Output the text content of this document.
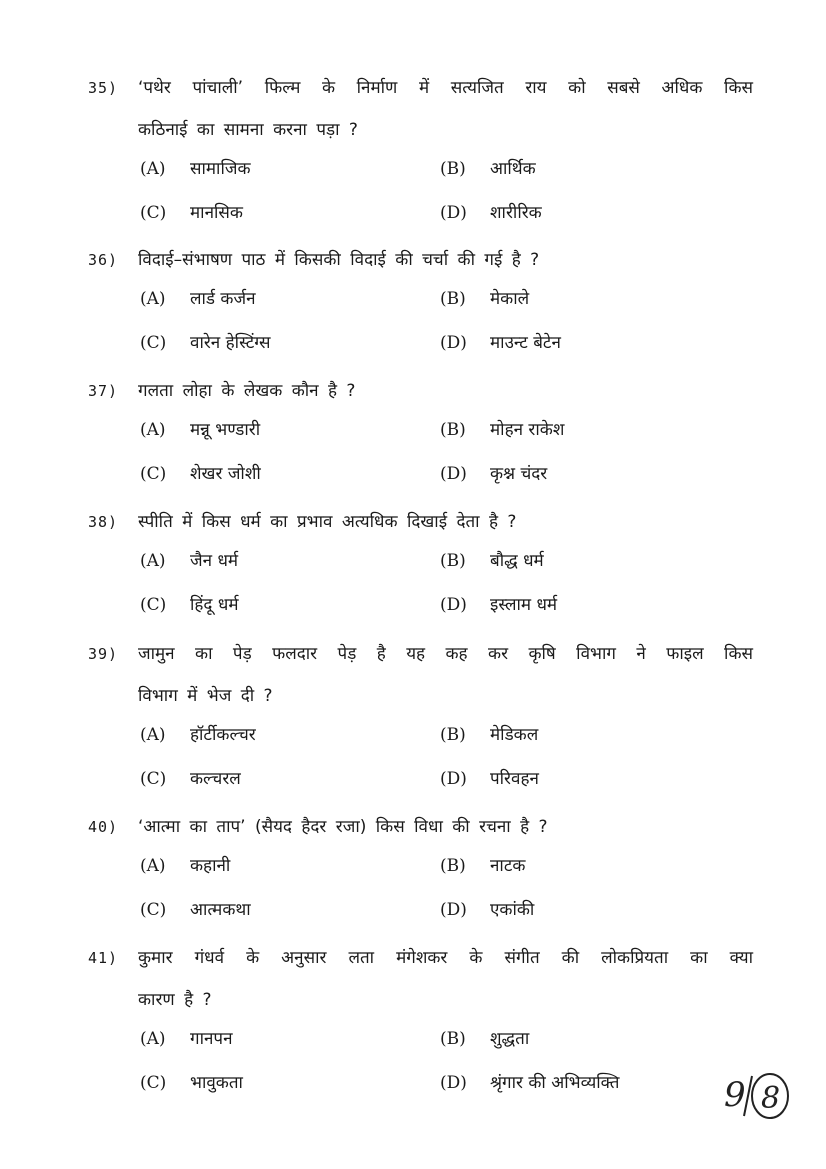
35)	‘पथेर पांचाली’ फिल्म के निर्माण में सत्यजित राय को सबसे अधिक किस
कठिनाई का सामना करना पड़ा ?
(A)	सामाजिक	(B)	आर्थिक
(C)	मानसिक	(D)	शारीरिक
36)	विदाई–संभाषण पाठ में किसकी विदाई की चर्चा की गई है ?
(A)	लार्ड कर्जन	(B)	मेकाले
(C)	वारेन हेस्टिंग्स	(D)	माउन्ट बेटेन
37)	गलता लोहा के लेखक कौन है ?
(A)	मन्नू भण्डारी	(B)	मोहन राकेश
(C)	शेखर जोशी	(D)	कृश्न चंदर
38)	स्पीति में किस धर्म का प्रभाव अत्यधिक दिखाई देता है ?
(A)	जैन धर्म	(B)	बौद्ध धर्म
(C)	हिंदू धर्म	(D)	इस्लाम धर्म
39)	जामुन का पेड़ फलदार पेड़ है यह कह कर कृषि विभाग ने फाइल किस
विभाग में भेज दी ?
(A)	हॉर्टीकल्चर	(B)	मेडिकल
(C)	कल्चरल	(D)	परिवहन
40)	‘आत्मा का ताप’ (सैयद हैदर रजा) किस विधा की रचना है ?
(A)	कहानी	(B)	नाटक
(C)	आत्मकथा	(D)	एकांकी
41)	कुमार गंधर्व के अनुसार लता मंगेशकर के संगीत की लोकप्रियता का क्या
कारण है ?
(A)	गानपन	(B)	शुद्धता
(C)	भावुकता	(D)	श्रृंगार की अभिव्यक्ति	9 8
